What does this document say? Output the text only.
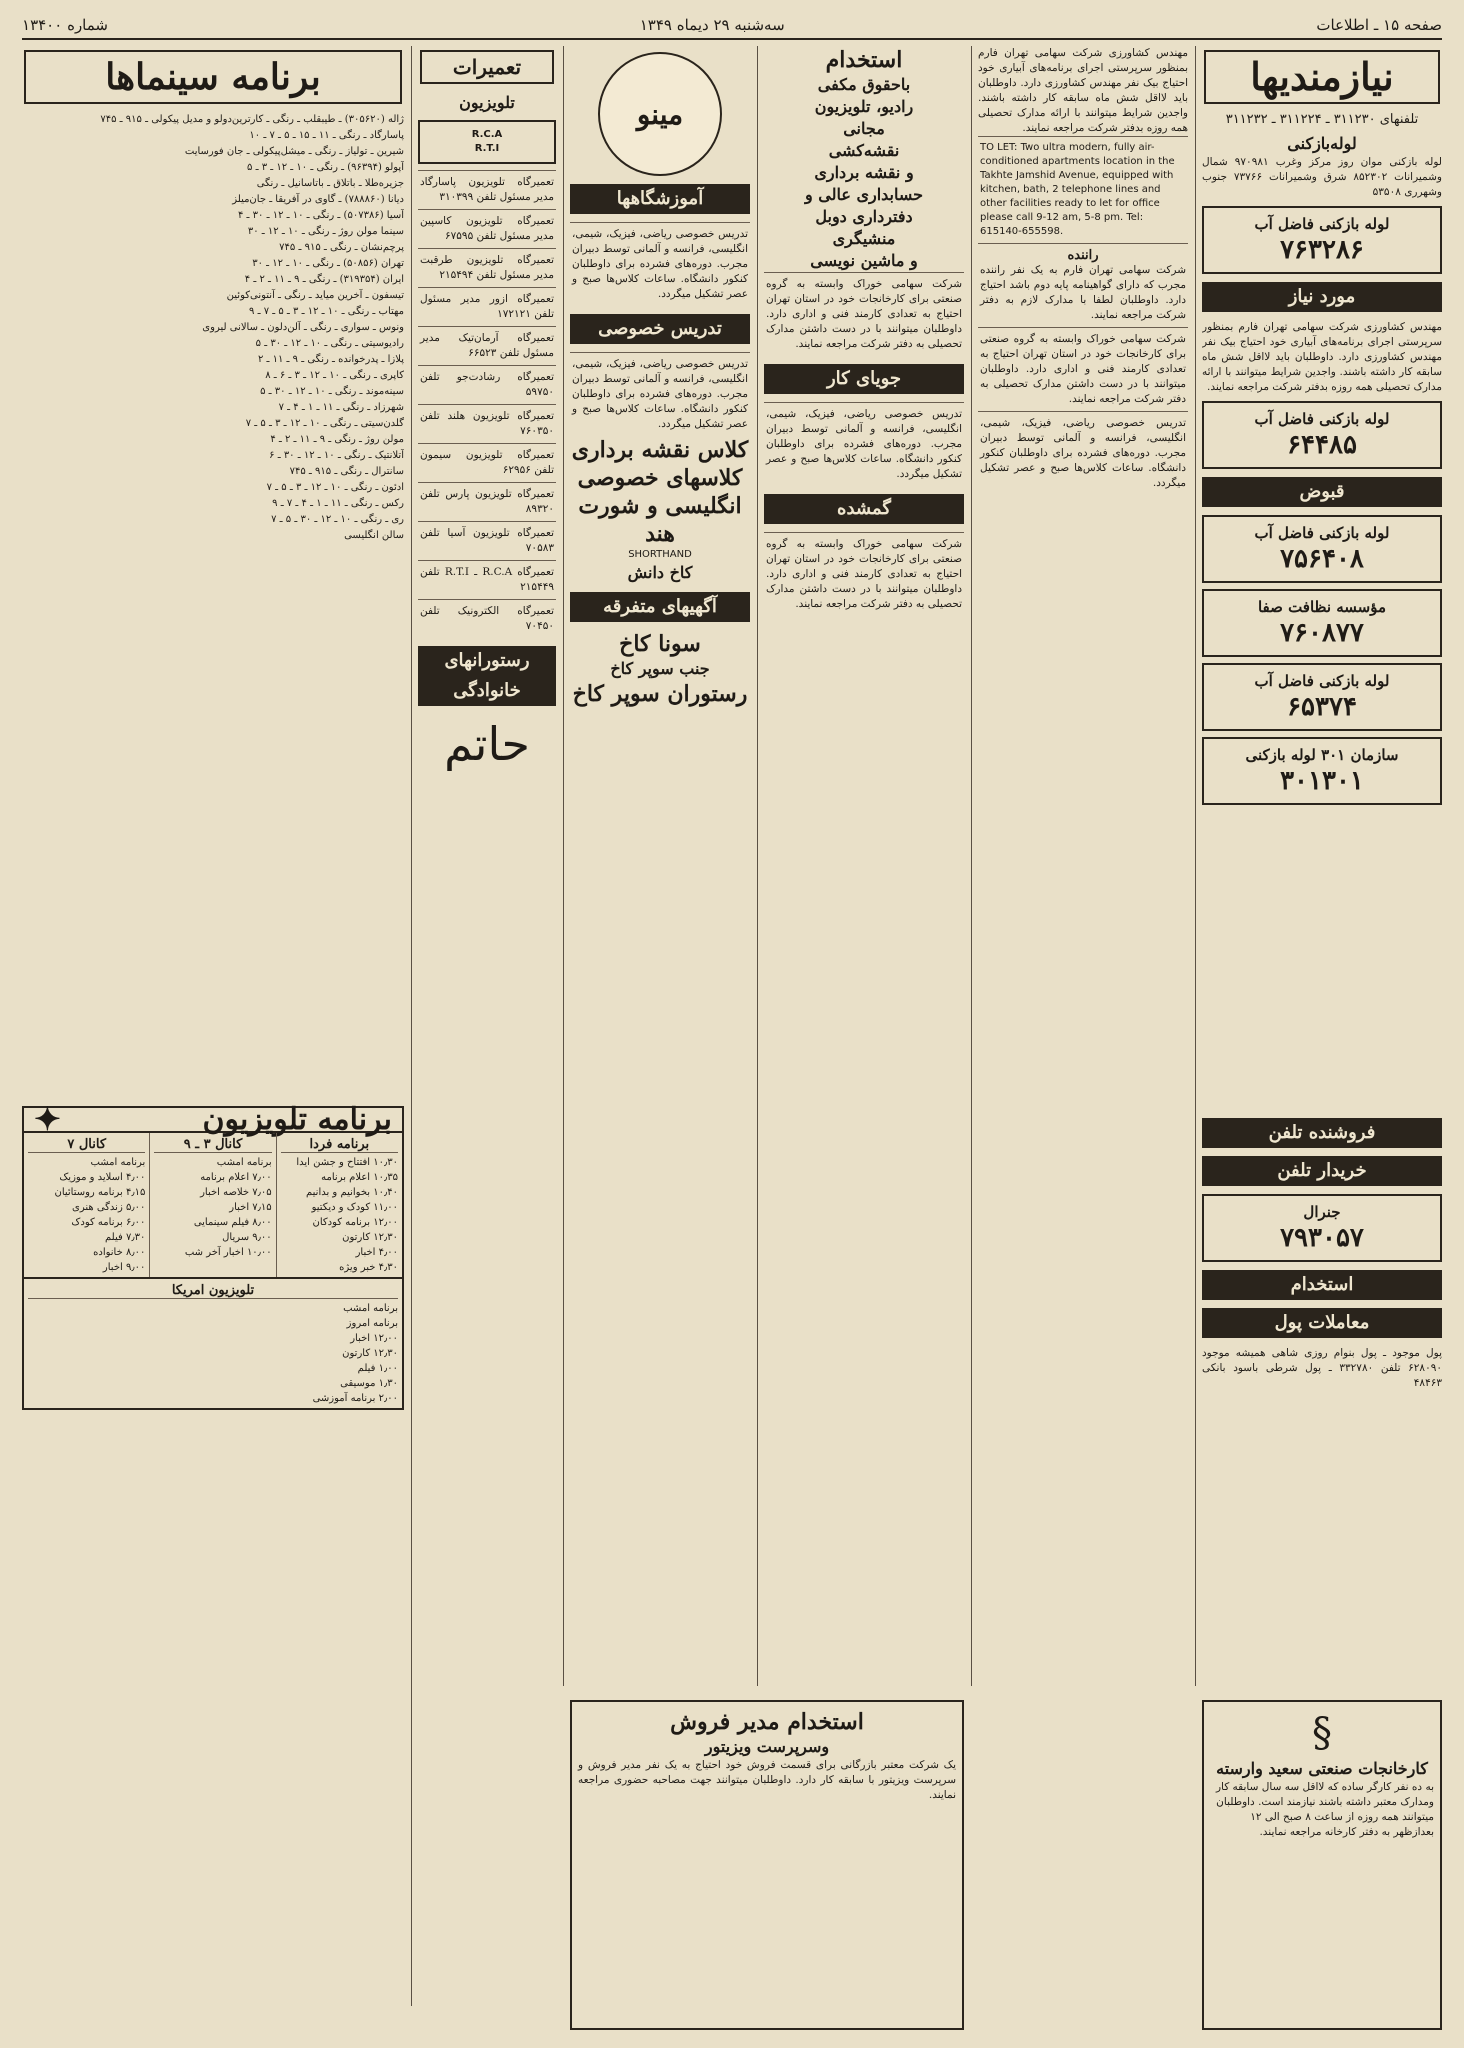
صفحه ۱۵ ـ اطلاعات
سه‌شنبه ۲۹ دیماه ۱۳۴۹
شماره ۱۳۴۰۰
نیازمندیها
تلفنهای ۳۱۱۲۳۰ ـ ۳۱۱۲۲۴ ـ ۳۱۱۲۳۲
لوله‌بازکنی
لوله بازکنی موان روز مرکز وغرب ۹۷۰۹۸۱ شمال وشمیرانات ۸۵۲۳۰۲ شرق وشمیرانات ۷۳۷۶۶ جنوب وشهرری ۵۳۵۰۸
لوله بازکنی فاضل آب
۷۶۳۲۸۶
مورد نیاز
مهندس کشاورزی شرکت سهامی تهران فارم بمنظور سرپرستی اجرای برنامه‌های آبیاری خود احتیاج بیک نفر مهندس کشاورزی دارد. داوطلبان باید لااقل شش ماه سابقه کار داشته باشند. واجدین شرایط میتوانند با ارائه مدارک تحصیلی همه روزه بدفتر شرکت مراجعه نمایند.
لوله بازکنی فاضل آب
۶۴۴۸۵
قبوض
لوله بازکنی فاضل آب
۷۵۶۴۰۸
مؤسسه نظافت صفا
۷۶۰۸۷۷
لوله بازکنی فاضل آب
۶۵۳۷۴
سازمان ۳۰۱ لوله بازکنی
۳۰۱۳۰۱
فروشنده تلفن
خریدار تلفن
جنرال
۷۹۳۰۵۷
استخدام
معاملات پول
پول موجود ـ پول بنوام روزی شاهی همیشه موجود ۶۲۸۰۹۰ تلفن ۳۳۲۷۸۰ ـ پول شرطی باسود بانکی ۴۸۴۶۳
مهندس کشاورزی شرکت سهامی تهران فارم بمنظور سرپرستی اجرای برنامه‌های آبیاری خود احتیاج بیک نفر مهندس کشاورزی دارد. داوطلبان باید لااقل شش ماه سابقه کار داشته باشند. واجدین شرایط میتوانند با ارائه مدارک تحصیلی همه روزه بدفتر شرکت مراجعه نمایند.
TO LET: Two ultra modern, fully air-conditioned apartments location in the Takhte Jamshid Avenue, equipped with kitchen, bath, 2 telephone lines and other facilities ready to let for office please call 9-12 am, 5-8 pm. Tel: 615140-655598.
راننده
شرکت سهامی تهران فارم به یک نفر راننده مجرب که دارای گواهینامه پایه دوم باشد احتیاج دارد. داوطلبان لطفا با مدارک لازم به دفتر شرکت مراجعه نمایند.
شرکت سهامی خوراک وابسته به گروه صنعتی برای کارخانجات خود در استان تهران احتیاج به تعدادی کارمند فنی و اداری دارد. داوطلبان میتوانند با در دست داشتن مدارک تحصیلی به دفتر شرکت مراجعه نمایند.
تدریس خصوصی ریاضی، فیزیک، شیمی، انگلیسی، فرانسه و آلمانی توسط دبیران مجرب. دوره‌های فشرده برای داوطلبان کنکور دانشگاه. ساعات کلاس‌ها صبح و عصر تشکیل میگردد.
استخدام
باحقوق مکفی
رادیو، تلویزیون
مجانی
نقشه‌کشی
و نقشه برداری
حسابداری عالی و
دفترداری دوبل
منشیگری
و ماشین نویسی
شرکت سهامی خوراک وابسته به گروه صنعتی برای کارخانجات خود در استان تهران احتیاج به تعدادی کارمند فنی و اداری دارد. داوطلبان میتوانند با در دست داشتن مدارک تحصیلی به دفتر شرکت مراجعه نمایند.
جویای کار
تدریس خصوصی ریاضی، فیزیک، شیمی، انگلیسی، فرانسه و آلمانی توسط دبیران مجرب. دوره‌های فشرده برای داوطلبان کنکور دانشگاه. ساعات کلاس‌ها صبح و عصر تشکیل میگردد.
گمشده
شرکت سهامی خوراک وابسته به گروه صنعتی برای کارخانجات خود در استان تهران احتیاج به تعدادی کارمند فنی و اداری دارد. داوطلبان میتوانند با در دست داشتن مدارک تحصیلی به دفتر شرکت مراجعه نمایند.
مینو
آموزشگاهها
تدریس خصوصی ریاضی، فیزیک، شیمی، انگلیسی، فرانسه و آلمانی توسط دبیران مجرب. دوره‌های فشرده برای داوطلبان کنکور دانشگاه. ساعات کلاس‌ها صبح و عصر تشکیل میگردد.
تدریس خصوصی
تدریس خصوصی ریاضی، فیزیک، شیمی، انگلیسی، فرانسه و آلمانی توسط دبیران مجرب. دوره‌های فشرده برای داوطلبان کنکور دانشگاه. ساعات کلاس‌ها صبح و عصر تشکیل میگردد.
کلاس نقشه برداری
کلاسهای خصوصی انگلیسی و شورت هند
SHORTHAND
کاخ دانش
آگهیهای متفرقه
سونا کاخ
جنب سوپر کاخ
رستوران سوپر کاخ
تعمیرات
تلویزیون
R.C.A
R.T.I
تعمیرگاه تلویزیون پاسارگاد مدیر مسئول تلفن ۳۱۰۳۹۹
تعمیرگاه تلویزیون کاسپین مدیر مسئول تلفن ۶۷۵۹۵
تعمیرگاه تلویزیون طرقبت مدیر مسئول تلفن ۲۱۵۴۹۴
تعمیرگاه ازور مدیر مسئول تلفن ۱۷۲۱۲۱
تعمیرگاه آرمان‌تیک مدیر مسئول تلفن ۶۶۵۲۳
تعمیرگاه رشادت‌جو تلفن ۵۹۷۵۰
تعمیرگاه تلویزیون هلند تلفن ۷۶۰۳۵۰
تعمیرگاه تلویزیون سیمون تلفن ۶۲۹۵۶
تعمیرگاه تلویزیون پارس تلفن ۸۹۳۲۰
تعمیرگاه تلویزیون آسیا تلفن ۷۰۵۸۳
تعمیرگاه R.C.A ـ R.T.I تلفن ۲۱۵۴۴۹
تعمیرگاه الکترونیک تلفن ۷۰۴۵۰
رستورانهای خانوادگی
حاتم
برنامه سینماها
ژاله (۳۰۵۶۲۰) ـ طیبقلب ـ رنگی ـ کارترین‌دولو و مدیل پیکولی ـ ۹۱۵ ـ ۷۴۵
پاسارگاد ـ رنگی ـ ۱۱ ـ ۱۵ ـ ۵ ـ ۷ ـ ۱۰
شیرین ـ تولیاز ـ رنگی ـ میشل‌پیکولی ـ جان فورسایت
آپولو (۹۶۳۹۴) ـ رنگی ـ ۱۰ ـ ۱۲ ـ ۳ ـ ۵
جزیره‌طلا ـ باتلاق ـ باتاسانیل ـ رنگی
دیانا (۷۸۸۸۶۰) ـ گاوی در آفریقا ـ جان‌میلز
آسیا (۵۰۷۳۸۶) ـ رنگی ـ ۱۰ ـ ۱۲ ـ ۳۰ ـ ۴
سینما مولن روژ ـ رنگی ـ ۱۰ ـ ۱۲ ـ ۳۰
پرچم‌نشان ـ رنگی ـ ۹۱۵ ـ ۷۴۵
تهران (۵۰۸۵۶) ـ رنگی ـ ۱۰ ـ ۱۲ ـ ۳۰
ایران (۳۱۹۳۵۴) ـ رنگی ـ ۹ ـ ۱۱ ـ ۲ ـ ۴
تیسفون ـ آخرین میاید ـ رنگی ـ آنتونی‌کوئین
مهتاب ـ رنگی ـ ۱۰ ـ ۱۲ ـ ۳ ـ ۵ ـ ۷ ـ ۹
ونوس ـ سواری ـ رنگی ـ آلن‌دلون ـ سالانی لیروی
رادیوسیتی ـ رنگی ـ ۱۰ ـ ۱۲ ـ ۳۰ ـ ۵
پلازا ـ پدرخوانده ـ رنگی ـ ۹ ـ ۱۱ ـ ۲
کاپری ـ رنگی ـ ۱۰ ـ ۱۲ ـ ۳ ـ ۶ ـ ۸
سینه‌موند ـ رنگی ـ ۱۰ ـ ۱۲ ـ ۳۰ ـ ۵
شهرزاد ـ رنگی ـ ۱۱ ـ ۱ ـ ۴ ـ ۷
گلدن‌سیتی ـ رنگی ـ ۱۰ ـ ۱۲ ـ ۳ ـ ۵ ـ ۷
مولن روژ ـ رنگی ـ ۹ ـ ۱۱ ـ ۲ ـ ۴
آتلانتیک ـ رنگی ـ ۱۰ ـ ۱۲ ـ ۳۰ ـ ۶
سانترال ـ رنگی ـ ۹۱۵ ـ ۷۴۵
ادئون ـ رنگی ـ ۱۰ ـ ۱۲ ـ ۳ ـ ۵ ـ ۷
رکس ـ رنگی ـ ۱۱ ـ ۱ ـ ۴ ـ ۷ ـ ۹
ری ـ رنگی ـ ۱۰ ـ ۱۲ ـ ۳۰ ـ ۵ ـ ۷
سالن انگلیسی
برنامه تلویزیون
✦
برنامه فردا
۱۰٫۳۰ افتتاح و جشن ایدا
۱۰٫۳۵ اعلام برنامه
۱۰٫۴۰ بخوانیم و بدانیم
۱۱٫۰۰ کودک و دیکتیو
۱۲٫۰۰ برنامه کودکان
۱۲٫۳۰ کارتون
۴٫۰۰ اخبار
۴٫۳۰ خبر ویژه
کانال ۳ ـ ۹
برنامه امشب
۷٫۰۰ اعلام برنامه
۷٫۰۵ خلاصه اخبار
۷٫۱۵ اخبار
۸٫۰۰ فیلم سینمایی
۹٫۰۰ سریال
۱۰٫۰۰ اخبار آخر شب
کانال ۷
برنامه امشب
۴٫۰۰ اسلاید و موزیک
۴٫۱۵ برنامه روستائیان
۵٫۰۰ زندگی هنری
۶٫۰۰ برنامه کودک
۷٫۳۰ فیلم
۸٫۰۰ خانواده
۹٫۰۰ اخبار
تلویزیون امریکا
برنامه امشب
برنامه امروز
۱۲٫۰۰ اخبار
۱۲٫۳۰ کارتون
۱٫۰۰ فیلم
۱٫۳۰ موسیقی
۲٫۰۰ برنامه آموزشی
استخدام مدیر فروش
وسرپرست ویزیتور
یک شرکت معتبر بازرگانی برای قسمت فروش خود احتیاج به یک نفر مدیر فروش و سرپرست ویزیتور با سابقه کار دارد. داوطلبان میتوانند جهت مصاحبه حضوری مراجعه نمایند.
§
کارخانجات صنعتی سعید وارسته
به ده نفر کارگر ساده که لااقل سه سال سابقه کار ومدارک معتبر داشته باشند نیازمند است. داوطلبان میتوانند همه روزه از ساعت ۸ صبح الی ۱۲ بعدازظهر به دفتر کارخانه مراجعه نمایند.
